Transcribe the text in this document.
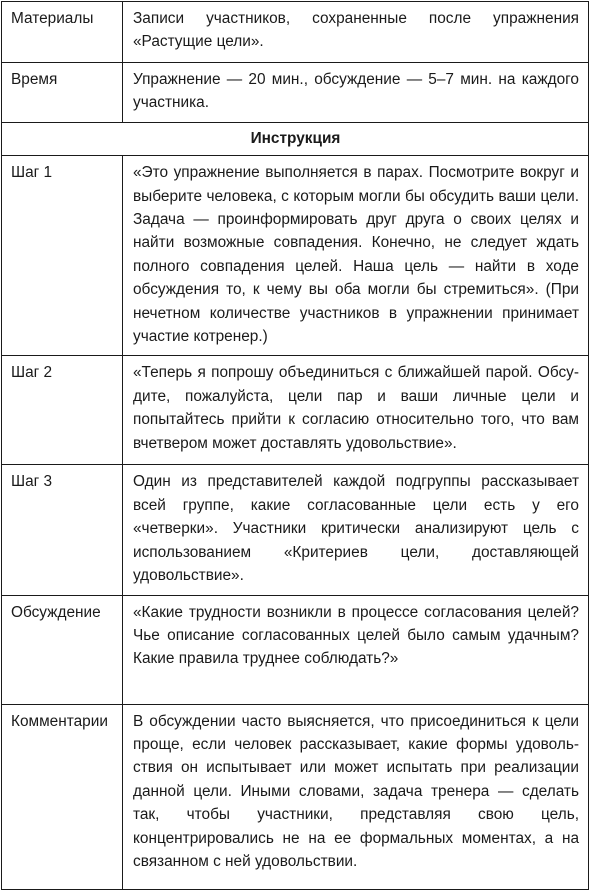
Материалы	Записи участников, сохраненные после упражнения «Растущие цели».
Время	Упражнение — 20 мин., обсуждение — 5–7 мин. на каждого участника.
Инструкция	
Шаг 1	«Это упражнение выполняется в парах. Посмотрите вокруг и выберите человека, с которым могли бы обсудить ваши цели. Задача — проинформировать друг друга о своих целях и найти возможные совпадения. Конечно, не следует ждать полного совпадения целей. Наша цель — найти в ходе обсуждения то, к чему вы оба могли бы стремиться». (При нечетном количестве участников в упражнении принимает участие котренер.)
Шаг 2	«Теперь я попрошу объединиться с ближайшей парой. Обсудите, пожалуйста, цели пар и ваши личные цели и попытайтесь прийти к согласию относительно того, что вам вчетвером может доставлять удовольствие».
Шаг 3	Один из представителей каждой подгруппы рассказывает всей группе, какие согласованные цели есть у его «четверки». Участники критически анализируют цель с использованием «Критериев цели, доставляющей удовольствие».
Обсуждение	«Какие трудности возникли в процессе согласования целей? Чье описание согласованных целей было самым удачным? Какие правила труднее соблюдать?»
Комментарии	В обсуждении часто выясняется, что присоединиться к цели проще, если человек рассказывает, какие формы удовольствия он испытывает или может испытать при реализации данной цели. Иными словами, задача тренера — сделать так, чтобы участники, представляя свою цель, концентрировались не на ее формальных моментах, а на связанном с ней удовольствии.
